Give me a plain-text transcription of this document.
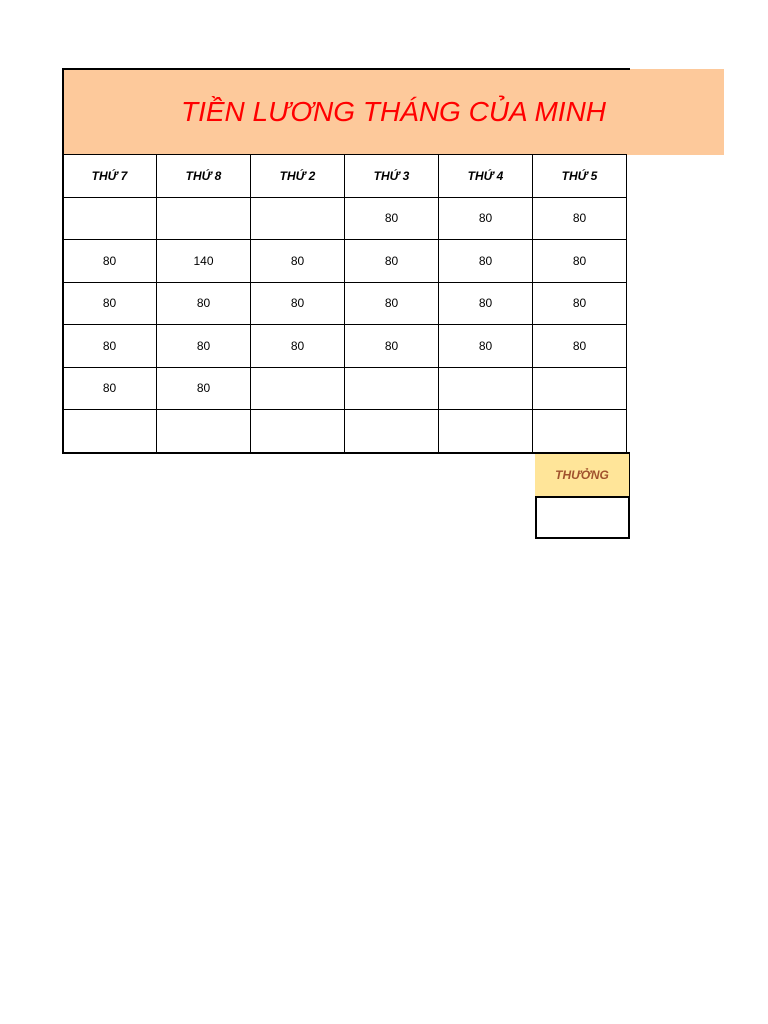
TIỀN LƯƠNG THÁNG CỦA MINH
THỨ 7	THỨ 8	THỨ 2	THỨ 3	THỨ 4	THỨ 5
			80	80	80
80	140	80	80	80	80
80	80	80	80	80	80
80	80	80	80	80	80
80	80				

THƯỞNG
